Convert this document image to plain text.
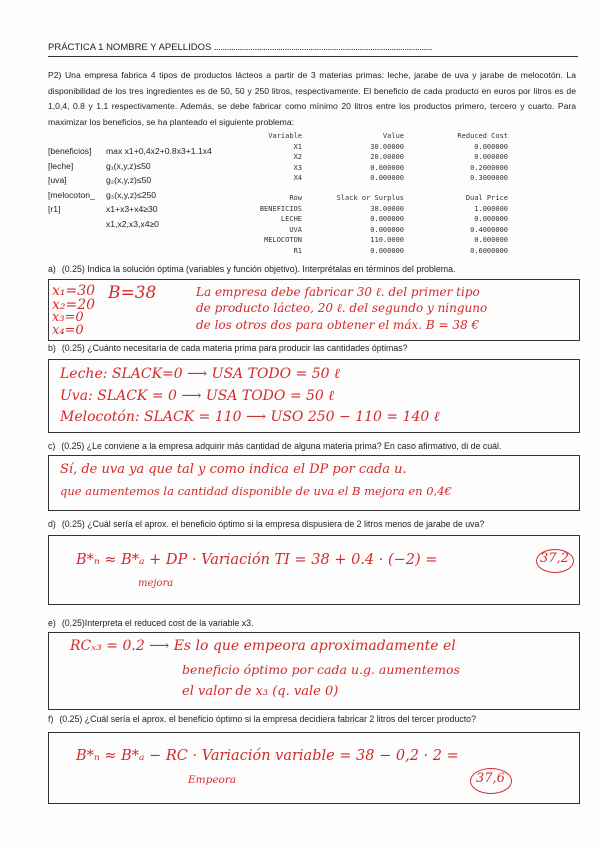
PRÁCTICA 1 NOMBRE Y APELLIDOS ......................................................................................................
P2) Una empresa fabrica 4 tipos de productos lácteos a partir de 3 materias primas: leche, jarabe de uva y jarabe de melocotón. La disponibilidad de los tres ingredientes es de 50, 50 y 250 litros, respectivamente. El beneficio de cada producto en euros por litros es de 1,0,4, 0.8 y 1.1 respectivamente. Además, se debe fabricar como mínimo 20 litros entre los productos primero, tercero y cuarto. Para maximizar los beneficios, se ha planteado el siguiente problema:
[beneficios]	max x1+0,4x2+0.8x3+1.1x4
[leche]	g₁(x,y,z)≤50
[uva]	g₂(x,y,z)≤50
[melocoton_	g₃(x,y,z)≤250
[r1]	x1+x3+x4≥30
x1,x2,x3,x4≥0
Variable	Value	Reduced Cost
X1	30.00000	0.000000
X2	20.00000	0.000000
X3	0.000000	0.2000000
X4	0.000000	0.3000000
Row	Slack or Surplus	Dual Price
BENEFICIOS	38.00000	1.000000
LECHE	0.000000	0.000000
UVA	0.000000	0.4000000
MELOCOTON	110.0000	0.000000
R1	0.000000	0.6000000
a) (0.25) Indica la solución óptima (variables y función objetivo). Interprétalas en términos del problema.
x₁=30
x₂=20
x₃=0
x₄=0
B=38	La empresa debe fabricar 30 ℓ. del primer tipo
de producto lácteo, 20 ℓ. del segundo y ninguno
de los otros dos para obtener el máx. B = 38 €
b) (0.25) ¿Cuánto necesitaría de cada materia prima para producir las cantidades óptimas?
Leche: SLACK=0 ⟶ USA TODO = 50 ℓ
Uva: SLACK = 0 ⟶ USA TODO = 50 ℓ
Melocotón: SLACK = 110 ⟶ USO 250 − 110 = 140 ℓ
c) (0.25) ¿Le conviene a la empresa adquirir más cantidad de alguna materia prima? En caso afirmativo, di de cuál.
Sí, de uva ya que tal y como indica el DP por cada u.
que aumentemos la cantidad disponible de uva el B mejora en 0,4€
d) (0.25) ¿Cuál sería el aprox. el beneficio óptimo si la empresa dispusiera de 2 litros menos de jarabe de uva?
B*ₙ ≈ B*ₐ + DP · Variación TI = 38 + 0.4 · (−2) =	37,2
mejora
e) (0.25)Interpreta el reduced cost de la variable x3.
RCₓ₃ = 0.2 ⟶ Es lo que empeora aproximadamente el
beneficio óptimo por cada u.g. aumentemos
el valor de x₃ (q. vale 0)
f) (0.25) ¿Cuál sería el aprox. el beneficio óptimo si la empresa decidiera fabricar 2 litros del tercer producto?
B*ₙ ≈ B*ₐ − RC · Variación variable = 38 − 0,2 · 2 =
37,6
Empeora
